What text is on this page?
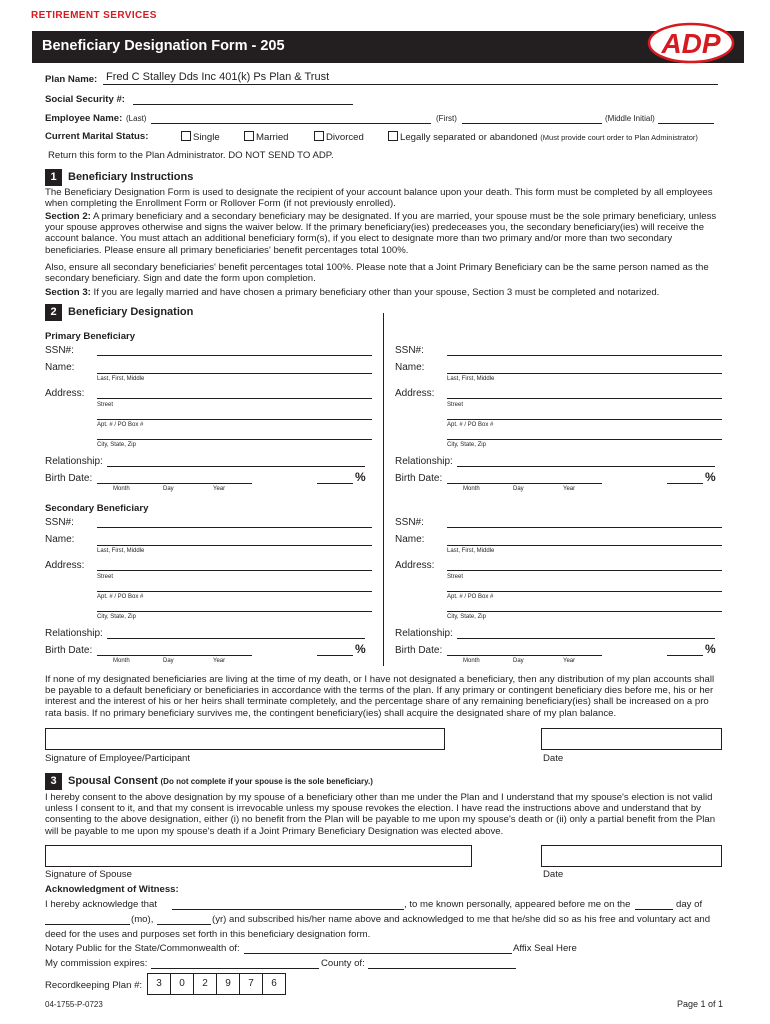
RETIREMENT SERVICES
Beneficiary Designation Form - 205	ADP
Plan Name: Fred C Stalley Dds Inc 401(k) Ps Plan & Trust
Social Security #:
Employee Name: (Last)	(First)	(Middle Initial)
Current Marital Status:	Single	Married	Divorced	Legally separated or abandoned (Must provide court order to Plan Administrator)
Return this form to the Plan Administrator. DO NOT SEND TO ADP.
1 Beneficiary Instructions
The Beneficiary Designation Form is used to designate the recipient of your account balance upon your death. This form must be completed by all employees when completing the Enrollment Form or Rollover Form (if not previously enrolled).
Section 2: A primary beneficiary and a secondary beneficiary may be designated. If you are married, your spouse must be the sole primary beneficiary, unless your spouse approves otherwise and signs the waiver below. If the primary beneficiary(ies) predeceases you, the secondary beneficiary(ies) will receive the account balance. You must attach an additional beneficiary form(s), if you elect to designate more than two primary and/or more than two secondary beneficiaries. Please ensure all primary beneficiaries' benefit percentages total 100%.
Also, ensure all secondary beneficiaries' benefit percentages total 100%. Please note that a Joint Primary Beneficiary can be the same person named as the secondary beneficiary. Sign and date the form upon completion.
Section 3: If you are legally married and have chosen a primary beneficiary other than your spouse, Section 3 must be completed and notarized.
2 Beneficiary Designation
Primary Beneficiary
Secondary Beneficiary
SSN#:
Name:
Last, First, Middle
Address:
Street
Apt. # / PO Box #
City, State, Zip
Relationship:
Birth Date:
Month	Day	Year
%
SSN#:
Name:
Last, First, Middle
Address:
Street
Apt. # / PO Box #
City, State, Zip
Relationship:
Birth Date:
Month	Day	Year
%
SSN#:
Name:
Last, First, Middle
Address:
Street
Apt. # / PO Box #
City, State, Zip
Relationship:
Birth Date:
Month	Day	Year
%
SSN#:
Name:
Last, First, Middle
Address:
Street
Apt. # / PO Box #
City, State, Zip
Relationship:
Birth Date:
Month	Day	Year
%
If none of my designated beneficiaries are living at the time of my death, or I have not designated a beneficiary, then any distribution of my plan accounts shall be payable to a default beneficiary or beneficiaries in accordance with the terms of the plan. If any primary or contingent beneficiary dies before me, his or her interest and the interest of his or her heirs shall terminate completely, and the percentage share of any remaining beneficiary(ies) shall be increased on a pro rata basis. If no primary beneficiary survives me, the contingent beneficiary(ies) shall acquire the designated share of my plan balance.
Signature of Employee/Participant	Date
3 Spousal Consent (Do not complete if your spouse is the sole beneficiary.)
I hereby consent to the above designation by my spouse of a beneficiary other than me under the Plan and I understand that my spouse's election is not valid unless I consent to it, and that my consent is irrevocable unless my spouse revokes the election. I have read the instructions above and understand that by consenting to the above designation, either (i) no benefit from the Plan will be payable to me upon my spouse's death or (ii) only a partial benefit from the Plan will be payable to me upon my spouse's death if a Joint Primary Beneficiary Designation was elected above.
Signature of Spouse	Date
Acknowledgment of Witness:
I hereby acknowledge that	, to me known personally, appeared before me on the	day of
(mo),	(yr) and subscribed his/her name above and acknowledged to me that he/she did so as his free and voluntary act and
deed for the uses and purposes set forth in this beneficiary designation form.
Notary Public for the State/Commonwealth of:	Affix Seal Here
My commission expires:	County of:
Recordkeeping Plan #:	3	0	2	9	7	6
04-1755-P-0723	Page 1 of 1
